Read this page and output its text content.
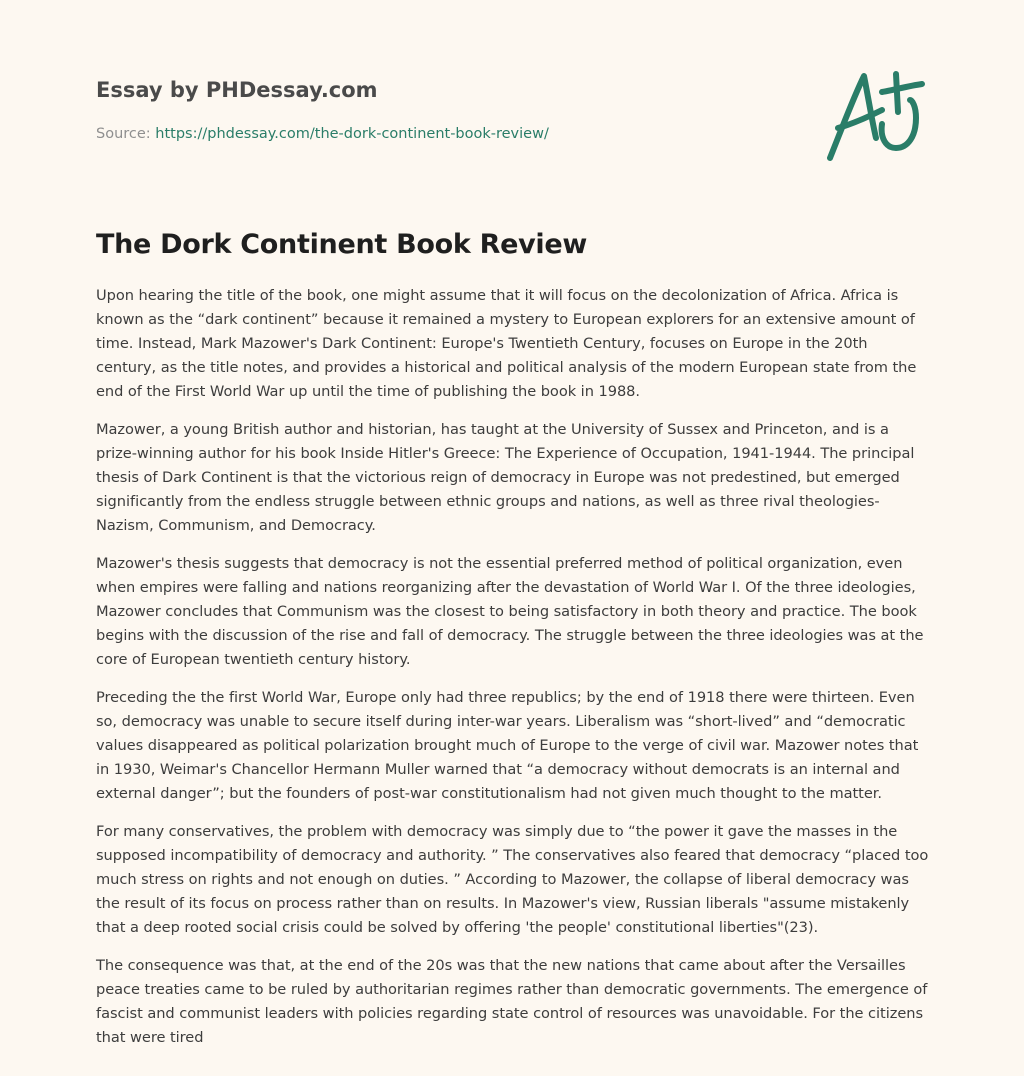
Essay by PHDessay.com
Source: https://phdessay.com/the-dork-continent-book-review/
The Dork Continent Book Review

Upon hearing the title of the book, one might assume that it will focus on the decolonization of Africa. Africa is known as the “dark continent” because it remained a mystery to European explorers for an extensive amount of time. Instead, Mark Mazower's Dark Continent: Europe's Twentieth Century, focuses on Europe in the 20th century, as the title notes, and provides a historical and political analysis of the modern European state from the end of the First World War up until the time of publishing the book in 1988.

Mazower, a young British author and historian, has taught at the University of Sussex and Princeton, and is a prize-winning author for his book Inside Hitler's Greece: The Experience of Occupation, 1941-1944. The principal thesis of Dark Continent is that the victorious reign of democracy in Europe was not predestined, but emerged significantly from the endless struggle between ethnic groups and nations, as well as three rival theologies- Nazism, Communism, and Democracy.

Mazower's thesis suggests that democracy is not the essential preferred method of political organization, even when empires were falling and nations reorganizing after the devastation of World War I. Of the three ideologies, Mazower concludes that Communism was the closest to being satisfactory in both theory and practice. The book begins with the discussion of the rise and fall of democracy. The struggle between the three ideologies was at the core of European twentieth century history.

Preceding the the first World War, Europe only had three republics; by the end of 1918 there were thirteen. Even so, democracy was unable to secure itself during inter-war years. Liberalism was “short-lived” and “democratic values disappeared as political polarization brought much of Europe to the verge of civil war. Mazower notes that in 1930, Weimar's Chancellor Hermann Muller warned that “a democracy without democrats is an internal and external danger”; but the founders of post-war constitutionalism had not given much thought to the matter.

For many conservatives, the problem with democracy was simply due to “the power it gave the masses in the supposed incompatibility of democracy and authority. ” The conservatives also feared that democracy “placed too much stress on rights and not enough on duties. ” According to Mazower, the collapse of liberal democracy was the result of its focus on process rather than on results. In Mazower's view, Russian liberals "assume mistakenly that a deep rooted social crisis could be solved by offering 'the people' constitutional liberties"(23).

The consequence was that, at the end of the 20s was that the new nations that came about after the Versailles peace treaties came to be ruled by authoritarian regimes rather than democratic governments. The emergence of fascist and communist leaders with policies regarding state control of resources was unavoidable. For the citizens that were tired
